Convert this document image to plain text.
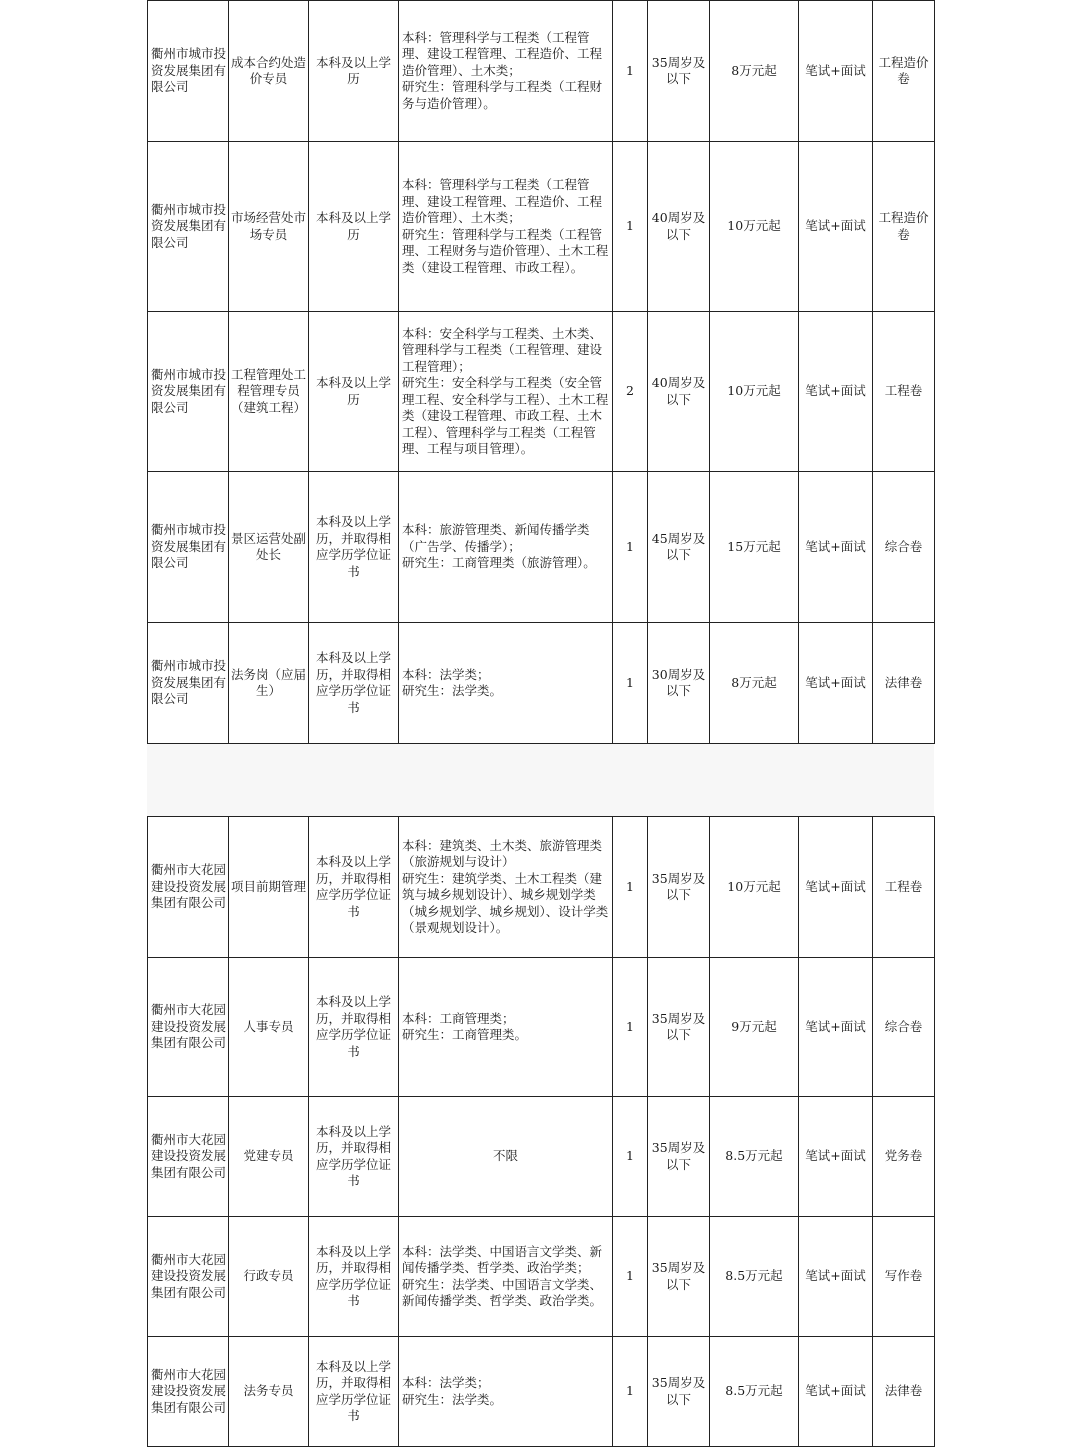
衢州市城市投资发展集团有限公司	成本合约处造价专员	本科及以上学历	本科：管理科学与工程类（工程管理、建设工程管理、工程造价、工程造价管理）、土木类；
研究生：管理科学与工程类（工程财务与造价管理）。	1	35周岁及以下	8万元起	笔试+面试	工程造价卷
衢州市城市投资发展集团有限公司	市场经营处市场专员	本科及以上学历	本科：管理科学与工程类（工程管理、建设工程管理、工程造价、工程造价管理）、土木类；
研究生：管理科学与工程类（工程管理、工程财务与造价管理）、土木工程类（建设工程管理、市政工程）。	1	40周岁及以下	10万元起	笔试+面试	工程造价卷
衢州市城市投资发展集团有限公司	工程管理处工程管理专员（建筑工程）	本科及以上学历	本科：安全科学与工程类、土木类、管理科学与工程类（工程管理、建设工程管理）；
研究生：安全科学与工程类（安全管理工程、安全科学与工程）、土木工程类（建设工程管理、市政工程、土木工程）、管理科学与工程类（工程管理、工程与项目管理）。	2	40周岁及以下	10万元起	笔试+面试	工程卷
衢州市城市投资发展集团有限公司	景区运营处副处长	本科及以上学历，并取得相应学历学位证书	本科：旅游管理类、新闻传播学类（广告学、传播学）；
研究生：工商管理类（旅游管理）。	1	45周岁及以下	15万元起	笔试+面试	综合卷
衢州市城市投资发展集团有限公司	法务岗（应届生）	本科及以上学历，并取得相应学历学位证书	本科：法学类；
研究生：法学类。	1	30周岁及以下	8万元起	笔试+面试	法律卷
衢州市大花园建设投资发展集团有限公司	项目前期管理	本科及以上学历，并取得相应学历学位证书	本科：建筑类、土木类、旅游管理类（旅游规划与设计）
研究生：建筑学类、土木工程类（建筑与城乡规划设计）、城乡规划学类（城乡规划学、城乡规划）、设计学类（景观规划设计）。	1	35周岁及以下	10万元起	笔试+面试	工程卷
衢州市大花园建设投资发展集团有限公司	人事专员	本科及以上学历，并取得相应学历学位证书	本科：工商管理类；
研究生：工商管理类。	1	35周岁及以下	9万元起	笔试+面试	综合卷
衢州市大花园建设投资发展集团有限公司	党建专员	本科及以上学历，并取得相应学历学位证书	不限	1	35周岁及以下	8.5万元起	笔试+面试	党务卷
衢州市大花园建设投资发展集团有限公司	行政专员	本科及以上学历，并取得相应学历学位证书	本科：法学类、中国语言文学类、新闻传播学类、哲学类、政治学类；
研究生：法学类、中国语言文学类、新闻传播学类、哲学类、政治学类。	1	35周岁及以下	8.5万元起	笔试+面试	写作卷
衢州市大花园建设投资发展集团有限公司	法务专员	本科及以上学历，并取得相应学历学位证书	本科：法学类；
研究生：法学类。	1	35周岁及以下	8.5万元起	笔试+面试	法律卷
